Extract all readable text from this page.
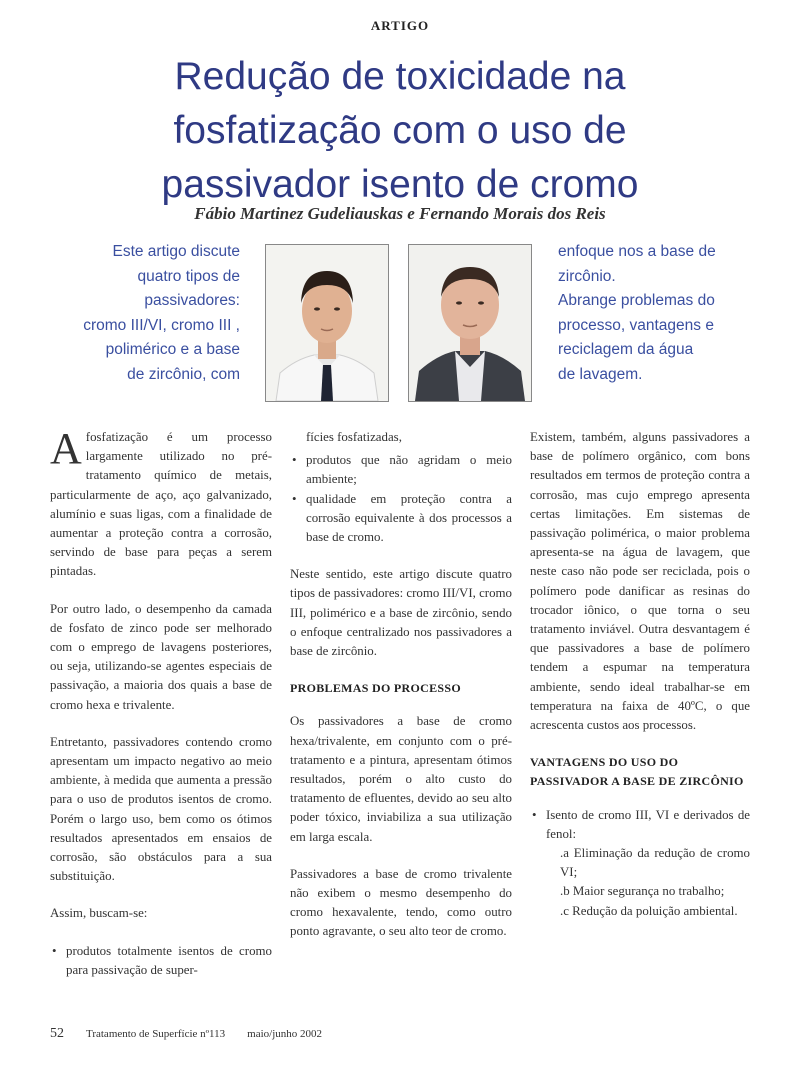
ARTIGO
Redução de toxicidade na
fosfatização com o uso de
passivador isento de cromo
Fábio Martinez Gudeliauskas e Fernando Morais dos Reis
Este artigo discute
quatro tipos de
passivadores:
cromo III/VI, cromo III ,
polimérico e a base
de zircônio, com
enfoque nos a base de
zircônio.
Abrange problemas do
processo, vantagens e
reciclagem da água
de lavagem.

Afosfatização é um processo largamente utilizado no pré-tratamento químico de metais, particularmente de aço, aço galvanizado, alumínio e suas ligas, com a finalidade de aumentar a proteção contra a corrosão, servindo de base para peças a serem pintadas.

Por outro lado, o desempenho da camada de fosfato de zinco pode ser melhorado com o emprego de lavagens posteriores, ou seja, utilizando-se agentes especiais de passivação, a maioria dos quais a base de cromo hexa e trivalente.

Entretanto, passivadores contendo cromo apresentam um impacto negativo ao meio ambiente, à medida que aumenta a pressão para o uso de produtos isentos de cromo. Porém o largo uso, bem como os ótimos resultados apresentados em ensaios de corrosão, são obstáculos para a sua substituição.

Assim, buscam-se:

• produtos totalmente isentos de cromo para passivação de super-

fícies fosfatizadas,

• produtos que não agridam o meio ambiente;
• qualidade em proteção contra a corrosão equivalente à dos processos a base de cromo.

Neste sentido, este artigo discute quatro tipos de passivadores: cromo III/VI, cromo III, polimérico e a base de zircônio, sendo o enfoque centralizado nos passivadores a base de zircônio.

PROBLEMAS DO PROCESSO

Os passivadores a base de cromo hexa/trivalente, em conjunto com o pré-tratamento e a pintura, apresentam ótimos resultados, porém o alto custo do tratamento de efluentes, devido ao seu alto poder tóxico, inviabiliza a sua utilização em larga escala.

Passivadores a base de cromo trivalente não exibem o mesmo desempenho do cromo hexavalente, tendo, como outro ponto agravante, o seu alto teor de cromo.

Existem, também, alguns passivadores a base de polímero orgânico, com bons resultados em termos de proteção contra a corrosão, mas cujo emprego apresenta certas limitações. Em sistemas de passivação polimérica, o maior problema apresenta-se na água de lavagem, que neste caso não pode ser reciclada, pois o polímero pode danificar as resinas do trocador iônico, o que torna o seu tratamento inviável. Outra desvantagem é que passivadores a base de polímero tendem a espumar na temperatura ambiente, sendo ideal trabalhar-se em temperatura na faixa de 40ºC, o que acrescenta custos aos processos.

VANTAGENS DO USO DO PASSIVADOR A BASE DE ZIRCÔNIO
• Isento de cromo III, VI e derivados de fenol:
.a Eliminação da redução de cromo VI;
.b Maior segurança no trabalho;
.c Redução da poluição ambiental.
52 Tratamento de Superfície nº113 maio/junho 2002
